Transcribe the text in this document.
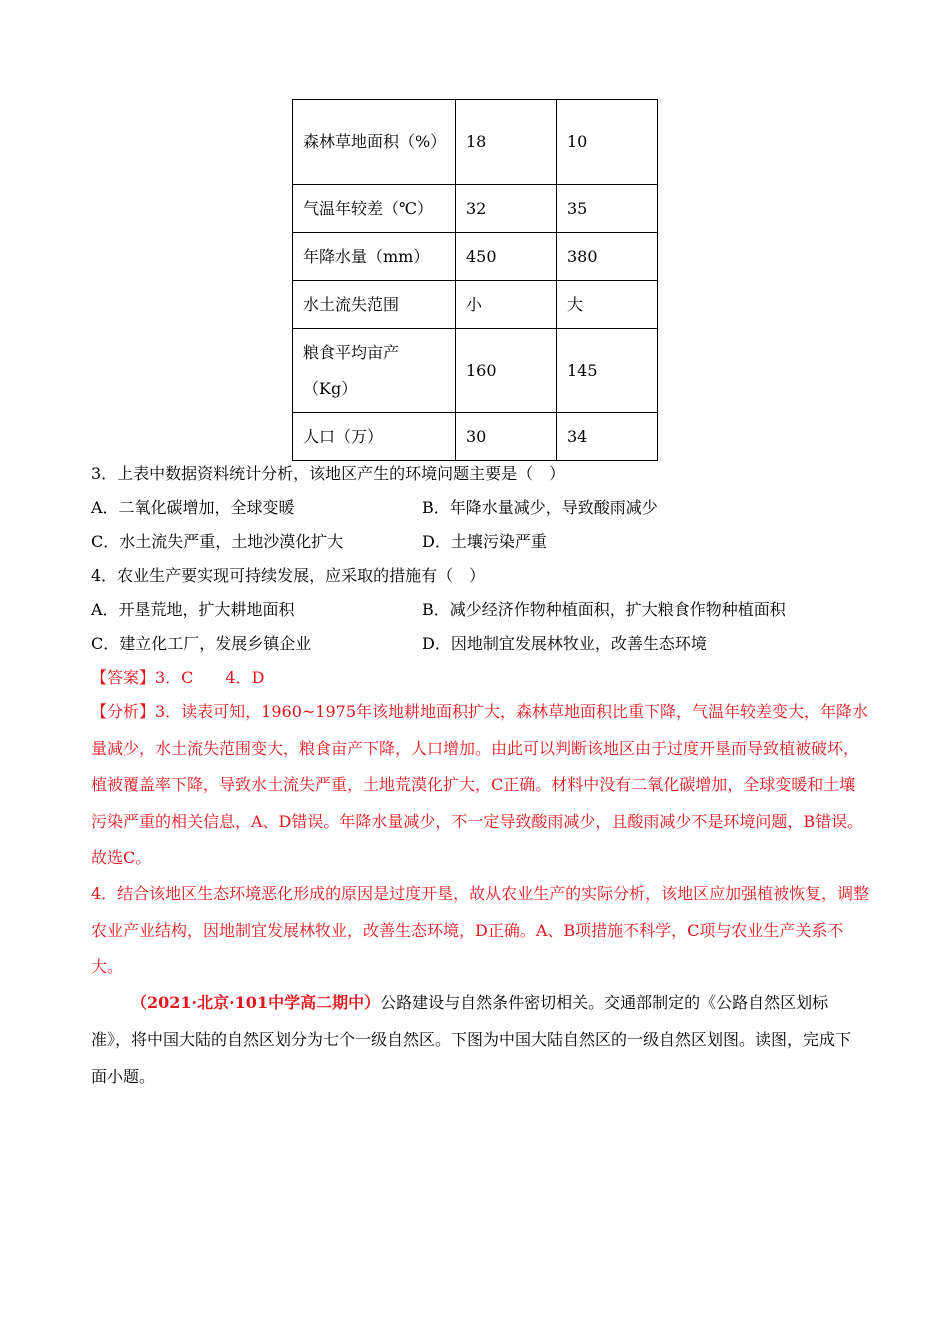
森林草地面积（%）	18	10
气温年较差（℃）	32	35
年降水量（mm）	450	380
水土流失范围	小	大
粮食平均亩产（Kg）	160	145
人口（万）	30	34
3．上表中数据资料统计分析，该地区产生的环境问题主要是（　）
A．二氧化碳增加，全球变暖	B．年降水量减少，导致酸雨减少
C．水土流失严重，土地沙漠化扩大	D．土壤污染严重
4．农业生产要实现可持续发展，应采取的措施有（　）
A．开垦荒地，扩大耕地面积	B．减少经济作物种植面积，扩大粮食作物种植面积
C．建立化工厂，发展乡镇企业	D．因地制宜发展林牧业，改善生态环境
【答案】3．C　　4．D
【分析】3．读表可知，1960~1975年该地耕地面积扩大，森林草地面积比重下降，气温年较差变大，年降水量减少，水土流失范围变大，粮食亩产下降，人口增加。由此可以判断该地区由于过度开垦而导致植被破坏，植被覆盖率下降，导致水土流失严重，土地荒漠化扩大，C正确。材料中没有二氧化碳增加，全球变暖和土壤污染严重的相关信息，A、D错误。年降水量减少，不一定导致酸雨减少，且酸雨减少不是环境问题，B错误。故选C。
4．结合该地区生态环境恶化形成的原因是过度开垦，故从农业生产的实际分析，该地区应加强植被恢复，调整农业产业结构，因地制宜发展林牧业，改善生态环境，D正确。A、B项措施不科学，C项与农业生产关系不大。
（2021·北京·101中学高二期中）公路建设与自然条件密切相关。交通部制定的《公路自然区划标准》，将中国大陆的自然区划分为七个一级自然区。下图为中国大陆自然区的一级自然区划图。读图，完成下面小题。
